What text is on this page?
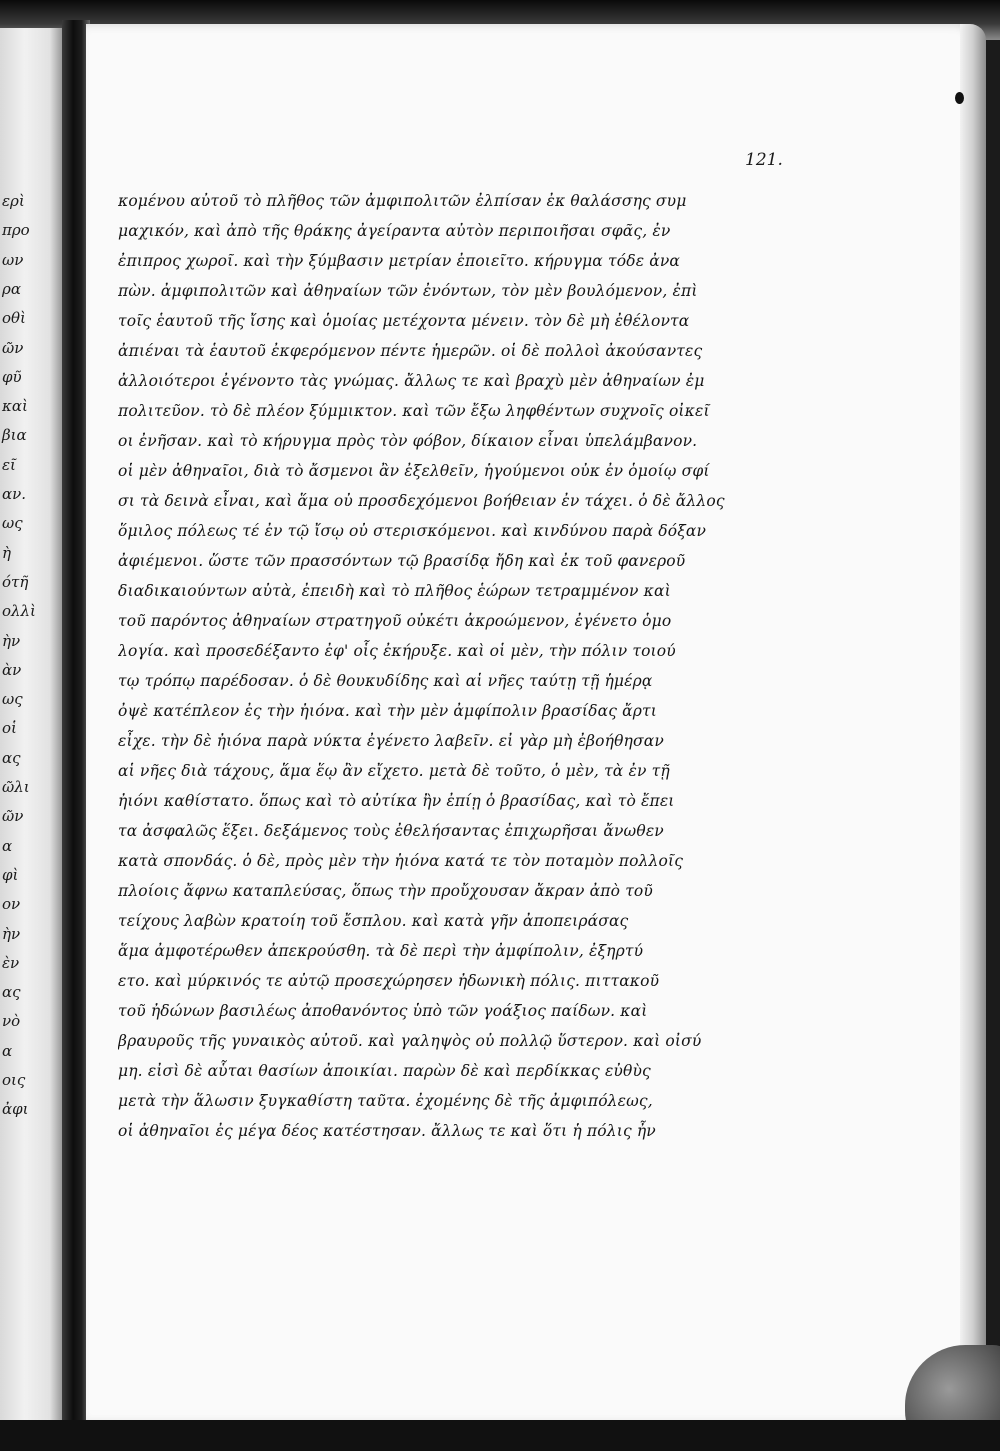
ερὶ
προ
ων
ρα
οθὶ
ῶν
φῦ
καὶ
βια
εῖ
αν.
ως
ὴ
ότῆ
ολλὶ
ὴν
ὰν
ως
οἱ
ας
ῶλι
ῶν
α
φὶ
ον
ὴν
ὲν
ας
νὸ
α
οις
ἀφι
121.
κομένου αὐτοῦ τὸ πλῆθος τῶν ἀμφιπολιτῶν ἐλπίσαν ἐκ θαλάσσης συμ
μαχικόν, καὶ ἀπὸ τῆς θράκης ἀγείραντα αὐτὸν περιποιῆσαι σφᾶς, ἐν
ἐπιπρος χωροῖ. καὶ τὴν ξύμβασιν μετρίαν ἐποιεῖτο. κήρυγμα τόδε ἀνα
πὼν. ἀμφιπολιτῶν καὶ ἀθηναίων τῶν ἐνόντων, τὸν μὲν βουλόμενον, ἐπὶ
τοῖς ἑαυτοῦ τῆς ἴσης καὶ ὁμοίας μετέχοντα μένειν. τὸν δὲ μὴ ἐθέλοντα
ἀπιέναι τὰ ἑαυτοῦ ἐκφερόμενον πέντε ἡμερῶν. οἱ δὲ πολλοὶ ἀκούσαντες
ἀλλοιότεροι ἐγένοντο τὰς γνώμας. ἄλλως τε καὶ βραχὺ μὲν ἀθηναίων ἐμ
πολιτεῦον. τὸ δὲ πλέον ξύμμικτον. καὶ τῶν ἔξω ληφθέντων συχνοῖς οἰκεῖ
οι ἐνῆσαν. καὶ τὸ κήρυγμα πρὸς τὸν φόβον, δίκαιον εἶναι ὑπελάμβανον.
οἱ μὲν ἀθηναῖοι, διὰ τὸ ἄσμενοι ἂν ἐξελθεῖν, ἡγούμενοι οὐκ ἐν ὁμοίῳ σφί
σι τὰ δεινὰ εἶναι, καὶ ἅμα οὐ προσδεχόμενοι βοήθειαν ἐν τάχει. ὁ δὲ ἄλλος
ὅμιλος πόλεως τέ ἐν τῷ ἴσῳ οὐ στερισκόμενοι. καὶ κινδύνου παρὰ δόξαν
ἀφιέμενοι. ὥστε τῶν πρασσόντων τῷ βρασίδᾳ ἤδη καὶ ἐκ τοῦ φανεροῦ
διαδικαιούντων αὐτὰ, ἐπειδὴ καὶ τὸ πλῆθος ἑώρων τετραμμένον καὶ
τοῦ παρόντος ἀθηναίων στρατηγοῦ οὐκέτι ἀκροώμενον, ἐγένετο ὁμο
λογία. καὶ προσεδέξαντο ἐφ' οἷς ἐκήρυξε. καὶ οἱ μὲν, τὴν πόλιν τοιού
τῳ τρόπῳ παρέδοσαν. ὁ δὲ θουκυδίδης καὶ αἱ νῆες ταύτῃ τῇ ἡμέρᾳ
ὀψὲ κατέπλεον ἐς τὴν ἠιόνα. καὶ τὴν μὲν ἀμφίπολιν βρασίδας ἄρτι
εἶχε. τὴν δὲ ἠιόνα παρὰ νύκτα ἐγένετο λαβεῖν. εἰ γὰρ μὴ ἐβοήθησαν
αἱ νῆες διὰ τάχους, ἅμα ἕῳ ἂν εἴχετο. μετὰ δὲ τοῦτο, ὁ μὲν, τὰ ἐν τῇ
ἠιόνι καθίστατο. ὅπως καὶ τὸ αὐτίκα ἢν ἐπίῃ ὁ βρασίδας, καὶ τὸ ἔπει
τα ἀσφαλῶς ἕξει. δεξάμενος τοὺς ἐθελήσαντας ἐπιχωρῆσαι ἄνωθεν
κατὰ σπονδάς. ὁ δὲ, πρὸς μὲν τὴν ἠιόνα κατά τε τὸν ποταμὸν πολλοῖς
πλοίοις ἄφνω καταπλεύσας, ὅπως τὴν προὔχουσαν ἄκραν ἀπὸ τοῦ
τείχους λαβὼν κρατοίη τοῦ ἔσπλου. καὶ κατὰ γῆν ἀποπειράσας
ἅμα ἀμφοτέρωθεν ἀπεκρούσθη. τὰ δὲ περὶ τὴν ἀμφίπολιν, ἐξηρτύ
ετο. καὶ μύρκινός τε αὐτῷ προσεχώρησεν ἠδωνικὴ πόλις. πιττακοῦ
τοῦ ἠδώνων βασιλέως ἀποθανόντος ὑπὸ τῶν γοάξιος παίδων. καὶ
βραυροῦς τῆς γυναικὸς αὐτοῦ. καὶ γαληψὸς οὐ πολλῷ ὕστερον. καὶ οἰσύ
μη. εἰσὶ δὲ αὗται θασίων ἀποικίαι. παρὼν δὲ καὶ περδίκκας εὐθὺς
μετὰ τὴν ἅλωσιν ξυγκαθίστη ταῦτα. ἐχομένης δὲ τῆς ἀμφιπόλεως,
οἱ ἀθηναῖοι ἐς μέγα δέος κατέστησαν. ἄλλως τε καὶ ὅτι ἡ πόλις ἦν
